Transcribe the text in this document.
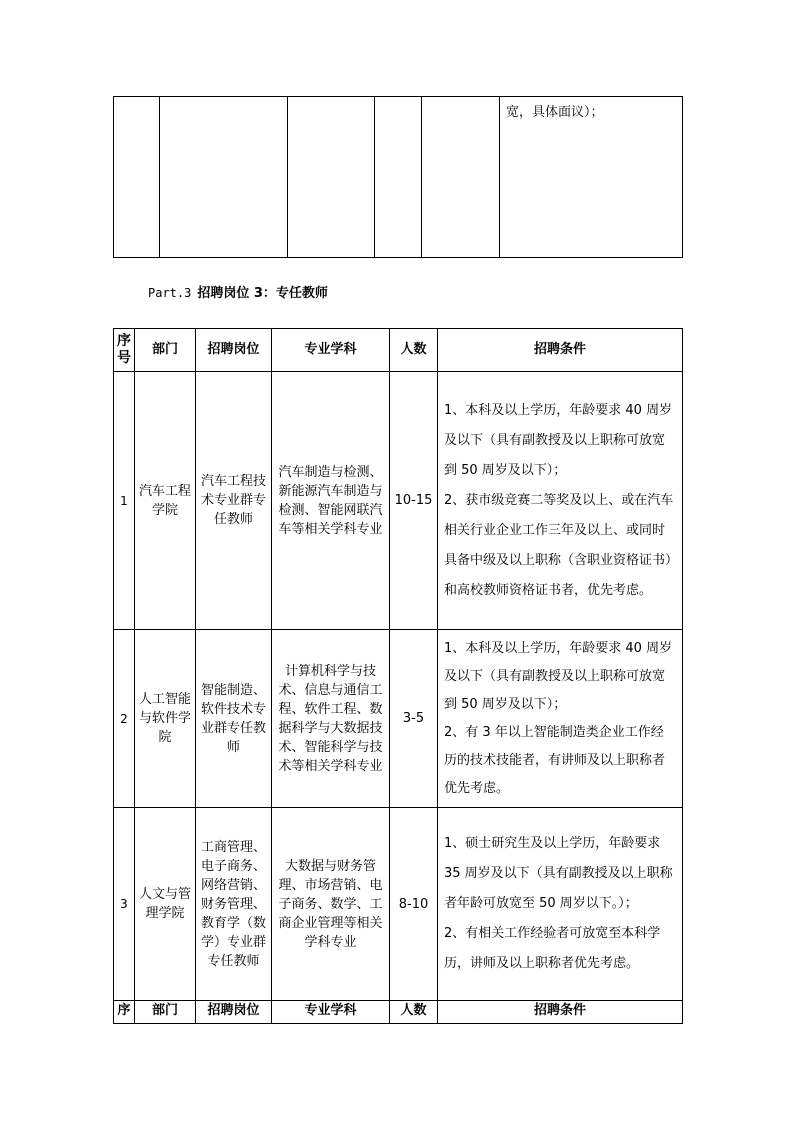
					宽，具体面议）；
Part.3 招聘岗位 3：专任教师
序号	部门	招聘岗位	专业学科	人数	招聘条件
1	汽车工程学院	汽车工程技术专业群专任教师	汽车制造与检测、新能源汽车制造与检测、智能网联汽车等相关学科专业	10-15	1、本科及以上学历，年龄要求 40 周岁及以下（具有副教授及以上职称可放宽到 50 周岁及以下）；

2、获市级竞赛二等奖及以上、或在汽车相关行业企业工作三年及以上、或同时具备中级及以上职称（含职业资格证书）和高校教师资格证书者，优先考虑。

2	人工智能与软件学院	智能制造、软件技术专业群专任教师	计算机科学与技术、信息与通信工程、软件工程、数据科学与大数据技术、智能科学与技术等相关学科专业	3-5	1、本科及以上学历，年龄要求 40 周岁及以下（具有副教授及以上职称可放宽到 50 周岁及以下）；

2、有 3 年以上智能制造类企业工作经历的技术技能者，有讲师及以上职称者优先考虑。

3	人文与管理学院	工商管理、电子商务、网络营销、财务管理、教育学（数学）专业群专任教师	大数据与财务管理、市场营销、电子商务、数学、工商企业管理等相关学科专业	8-10	1、硕士研究生及以上学历，年龄要求 35 周岁及以下（具有副教授及以上职称者年龄可放宽至 50 周岁以下。）；

2、有相关工作经验者可放宽至本科学历，讲师及以上职称者优先考虑。

序	部门	招聘岗位	专业学科	人数	招聘条件
